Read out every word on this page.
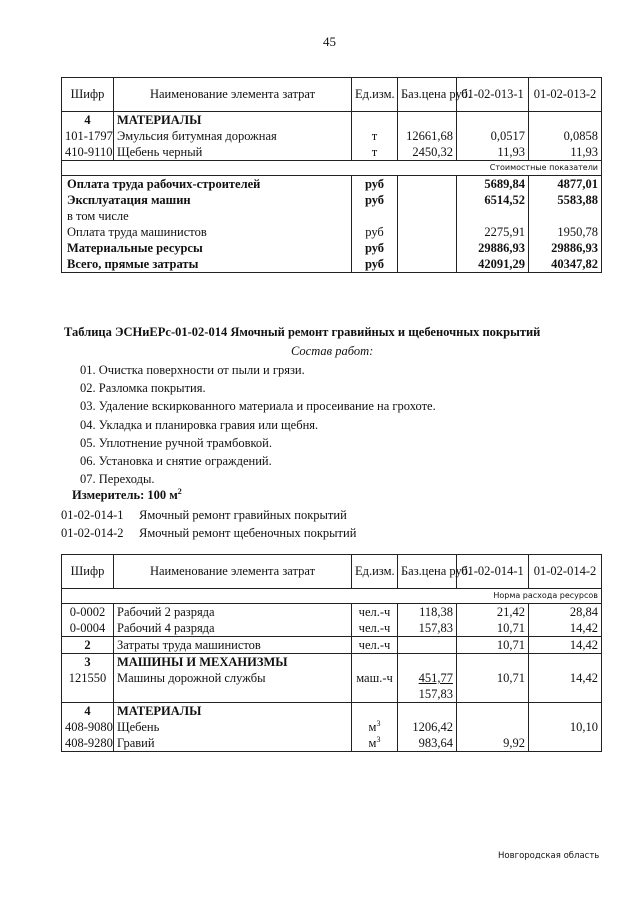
45
Шифр	Наименование элемента затрат	Ед.изм.	Баз.цена руб.	01-02-013-1	01-02-013-2
4	МАТЕРИАЛЫ				
101-1797	Эмульсия битумная дорожная	т	12661,68	0,0517	0,0858
410-9110	Щебень черный	т	2450,32	11,93	11,93
Стоимостные показатели					
Оплата труда рабочих-строителей		руб		5689,84	4877,01
Эксплуатация машин		руб		6514,52	5583,88
в том числе					
Оплата труда машинистов		руб		2275,91	1950,78
Материальные ресурсы		руб		29886,93	29886,93
Всего, прямые затраты		руб		42091,29	40347,82
Таблица ЭСНиЕРс-01-02-014 Ямочный ремонт гравийных и щебеночных покрытий
Состав работ:
01. Очистка поверхности от пыли и грязи.
02. Разломка покрытия.
03. Удаление вскиркованного материала и просеивание на грохоте.
04. Укладка и планировка гравия или щебня.
05. Уплотнение ручной трамбовкой.
06. Установка и снятие ограждений.
07. Переходы.
Измеритель: 100 $м^2$
01-02-014-1 Ямочный ремонт гравийных покрытий
01-02-014-2 Ямочный ремонт щебеночных покрытий
Шифр	Наименование элемента затрат	Ед.изм.	Баз.цена руб.	01-02-014-1	01-02-014-2
Норма расхода ресурсов					
0-0002	Рабочий 2 разряда	чел.-ч	118,38	21,42	28,84
0-0004	Рабочий 4 разряда	чел.-ч	157,83	10,71	14,42
2	Затраты труда машинистов	чел.-ч		10,71	14,42
3	МАШИНЫ И МЕХАНИЗМЫ				
121550	Машины дорожной службы	маш.-ч	451,77	10,71	14,42
			157,83		
4	МАТЕРИАЛЫ				
408-9080	Щебень	$м^3$	1206,42		10,10
408-9280	Гравий	$м^3$	983,64	9,92	
Новгородская область
